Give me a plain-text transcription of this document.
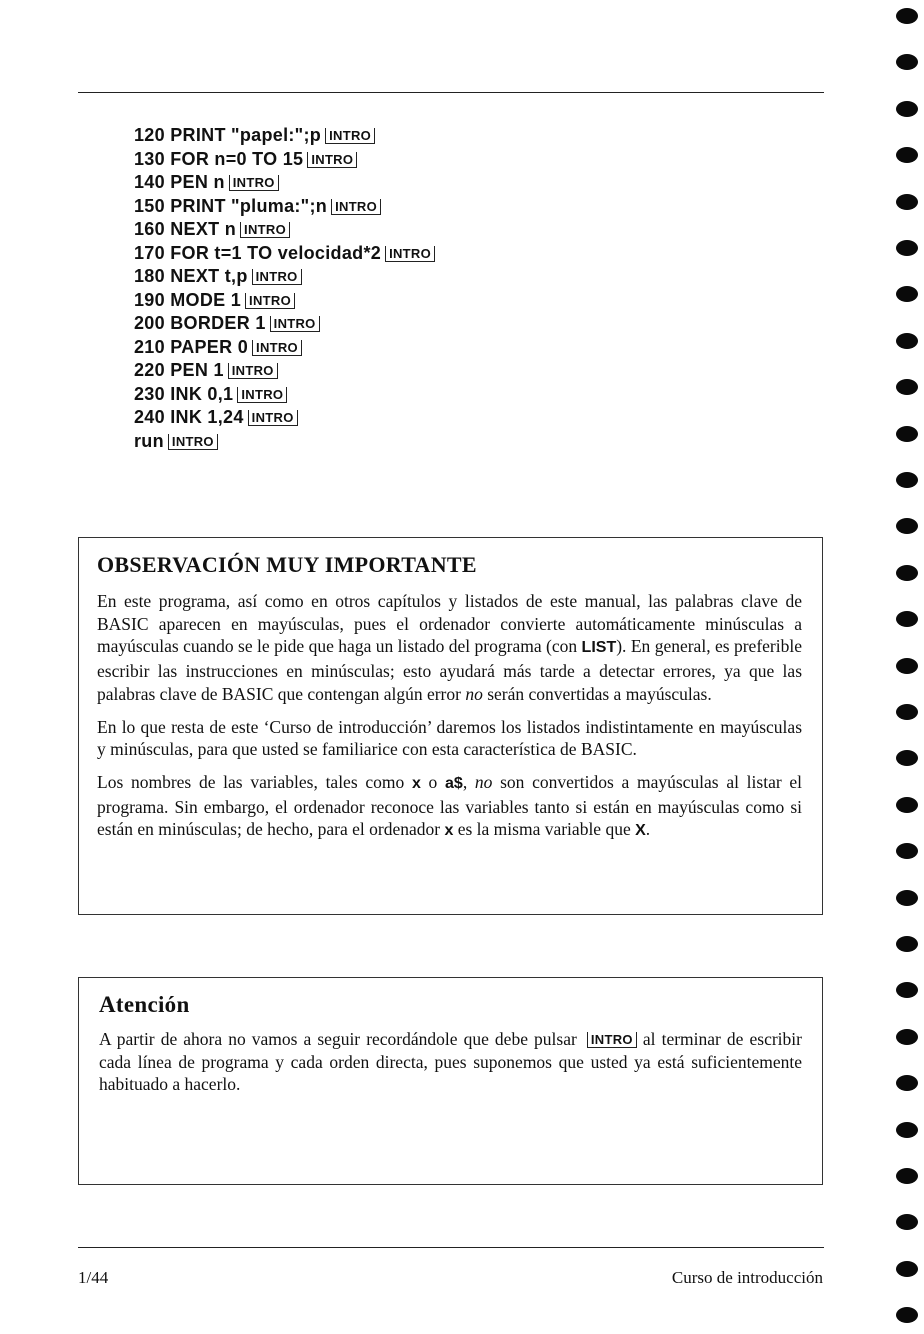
120 PRINT "papel:";p INTRO
130 FOR n=0 TO 15 INTRO
140 PEN n INTRO
150 PRINT "pluma:";n INTRO
160 NEXT n INTRO
170 FOR t=1 TO velocidad*2 INTRO
180 NEXT t,p INTRO
190 MODE 1 INTRO
200 BORDER 1 INTRO
210 PAPER 0 INTRO
220 PEN 1 INTRO
230 INK 0,1 INTRO
240 INK 1,24 INTRO
run INTRO
OBSERVACIÓN MUY IMPORTANTE

En este programa, así como en otros capítulos y listados de este manual, las palabras clave de BASIC aparecen en mayúsculas, pues el ordenador convierte automáticamente minúsculas a mayúsculas cuando se le pide que haga un listado del programa (con LIST). En general, es preferible escribir las instrucciones en minúsculas; esto ayudará más tarde a detectar errores, ya que las palabras clave de BASIC que contengan algún error no serán convertidas a mayúsculas.

En lo que resta de este ‘Curso de introducción’ daremos los listados indistintamente en mayúsculas y minúsculas, para que usted se familiarice con esta característica de BASIC.

Los nombres de las variables, tales como x o a$, no son convertidos a mayúsculas al listar el programa. Sin embargo, el ordenador reconoce las variables tanto si están en mayúsculas como si están en minúsculas; de hecho, para el ordenador x es la misma variable que X.

Atención

A partir de ahora no vamos a seguir recordándole que debe pulsar INTRO al terminar de escribir cada línea de programa y cada orden directa, pues suponemos que usted ya está suficientemente habituado a hacerlo.

1/44	Curso de introducción
